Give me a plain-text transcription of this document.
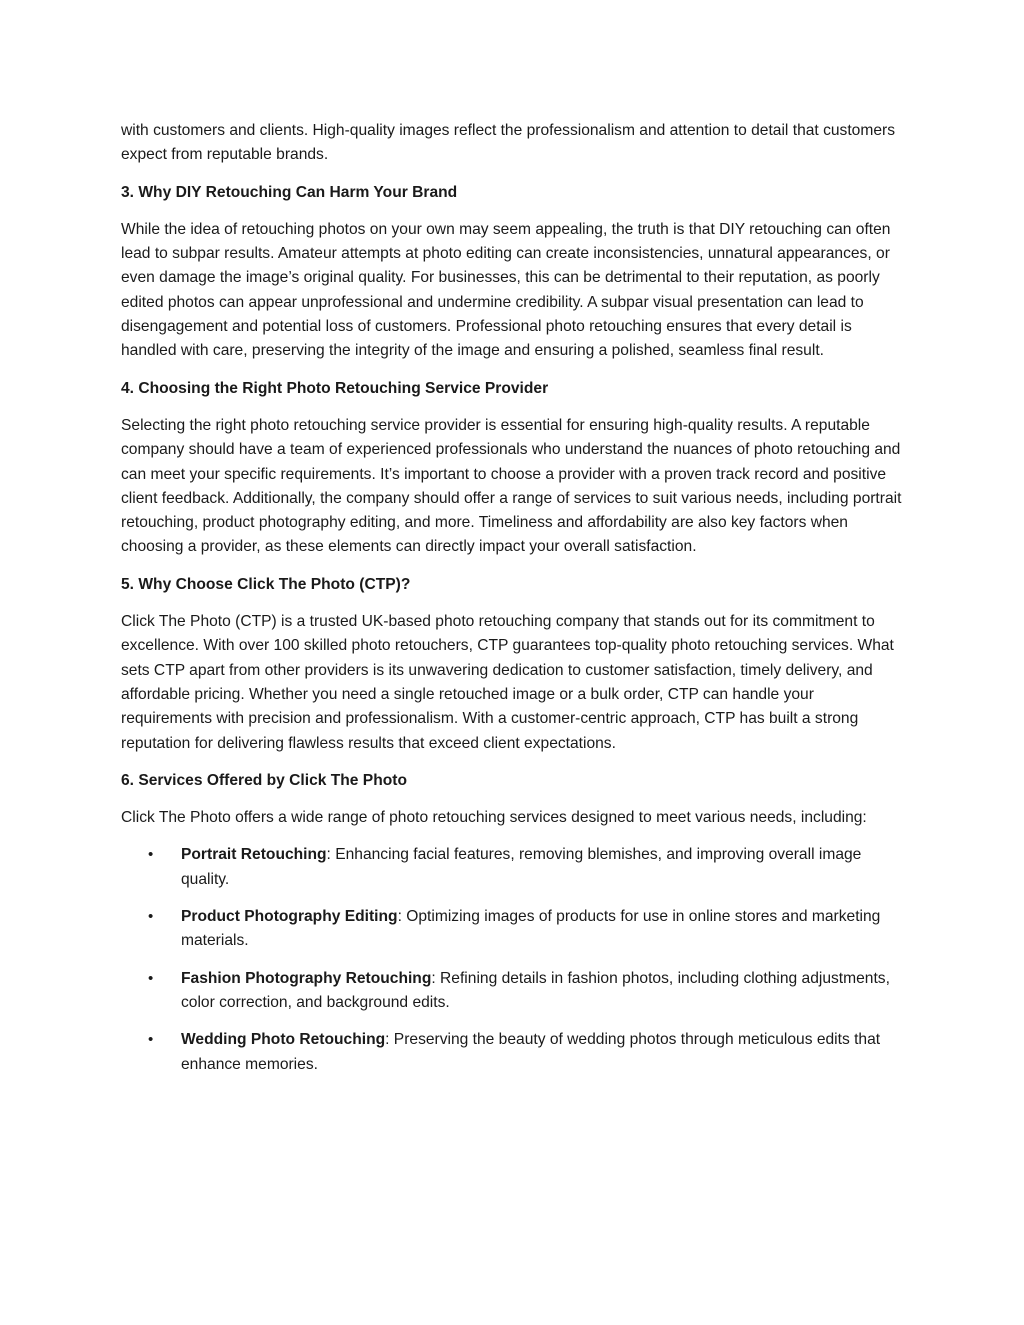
with customers and clients. High-quality images reflect the professionalism and attention to detail that customers expect from reputable brands.

3. Why DIY Retouching Can Harm Your Brand

While the idea of retouching photos on your own may seem appealing, the truth is that DIY retouching can often lead to subpar results. Amateur attempts at photo editing can create inconsistencies, unnatural appearances, or even damage the image’s original quality. For businesses, this can be detrimental to their reputation, as poorly edited photos can appear unprofessional and undermine credibility. A subpar visual presentation can lead to disengagement and potential loss of customers. Professional photo retouching ensures that every detail is handled with care, preserving the integrity of the image and ensuring a polished, seamless final result.

4. Choosing the Right Photo Retouching Service Provider

Selecting the right photo retouching service provider is essential for ensuring high-quality results. A reputable company should have a team of experienced professionals who understand the nuances of photo retouching and can meet your specific requirements. It’s important to choose a provider with a proven track record and positive client feedback. Additionally, the company should offer a range of services to suit various needs, including portrait retouching, product photography editing, and more. Timeliness and affordability are also key factors when choosing a provider, as these elements can directly impact your overall satisfaction.

5. Why Choose Click The Photo (CTP)?

Click The Photo (CTP) is a trusted UK-based photo retouching company that stands out for its commitment to excellence. With over 100 skilled photo retouchers, CTP guarantees top-quality photo retouching services. What sets CTP apart from other providers is its unwavering dedication to customer satisfaction, timely delivery, and affordable pricing. Whether you need a single retouched image or a bulk order, CTP can handle your requirements with precision and professionalism. With a customer-centric approach, CTP has built a strong reputation for delivering flawless results that exceed client expectations.

6. Services Offered by Click The Photo

Click The Photo offers a wide range of photo retouching services designed to meet various needs, including:

• Portrait Retouching: Enhancing facial features, removing blemishes, and improving overall image quality.
• Product Photography Editing: Optimizing images of products for use in online stores and marketing materials.
• Fashion Photography Retouching: Refining details in fashion photos, including clothing adjustments, color correction, and background edits.
• Wedding Photo Retouching: Preserving the beauty of wedding photos through meticulous edits that enhance memories.
